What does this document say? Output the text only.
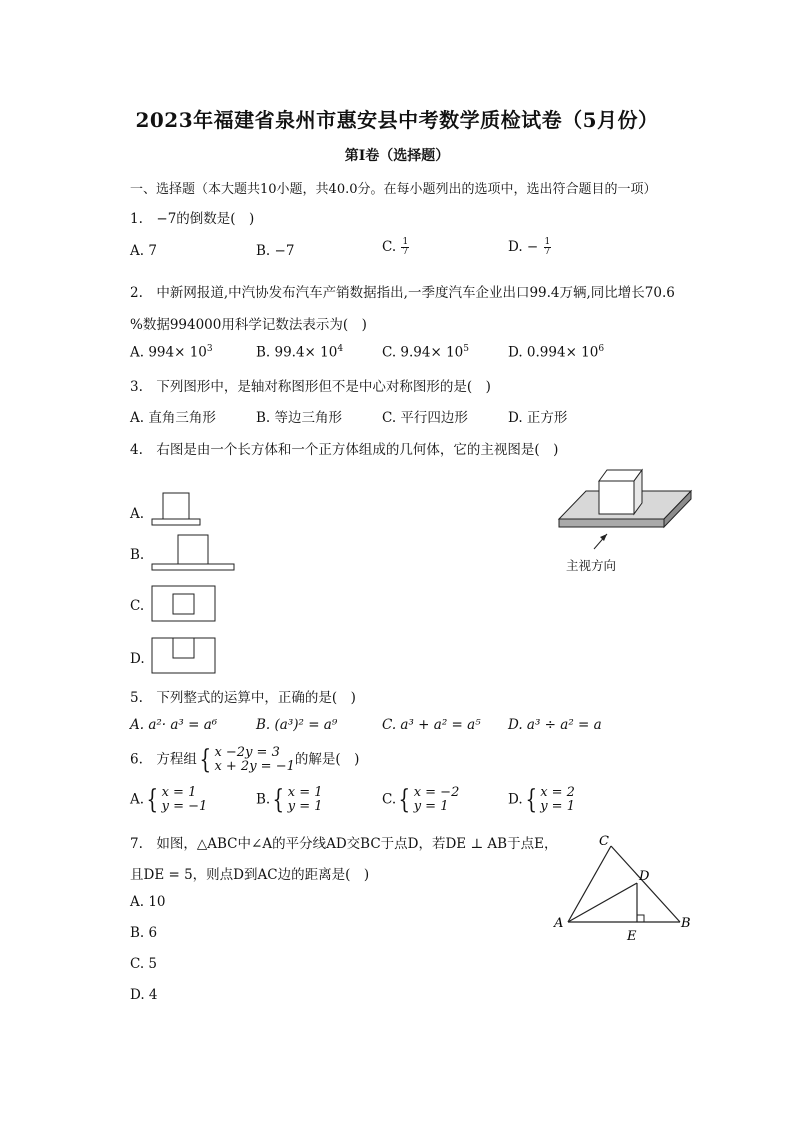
2023年福建省泉州市惠安县中考数学质检试卷（5月份）
第Ⅰ卷（选择题）
一、选择题（本大题共10小题，共40.0分。在每小题列出的选项中，选出符合题目的一项）
1.　−7的倒数是(　)
A. 7	B. −7	C. $\frac{1}{7}$	D. − $\frac{1}{7}$
2.　中新网报道,中汽协发布汽车产销数据指出,一季度汽车企业出口99.4万辆,同比增长70.6
%数据994000用科学记数法表示为(　)
A. $994\times 10^3$	B. $99.4\times 10^4$	C. $9.94\times 10^5$	D. $0.994\times 10^6$
3.　下列图形中，是轴对称图形但不是中心对称图形的是(　)
A. 直角三角形	B. 等边三角形	C. 平行四边形	D. 正方形
4.　右图是由一个长方体和一个正方体组成的几何体，它的主视图是(　)
A.
B.
C.
D.
主视方向
5.　下列整式的运算中，正确的是(　)
A. a²· a³ = a⁶	B. (a³)² = a⁹	C. a³ + a² = a⁵ D. a³ ÷ a² = a
6.　方程组{ x −2y = 3
x + 2y = −1 的解是(　)
A.{ x = 1
y = −1	B.{ x = 1
y = 1	C.{ x = −2
y = 1	D.{ x = 2
y = 1
7.　如图，△ABC中∠A的平分线AD交BC于点D，若DE ⊥ AB于点E，
且DE = 5，则点D到AC边的距离是(　)
A. 10
B. 6
C. 5
D. 4
A	B
C
D
E
